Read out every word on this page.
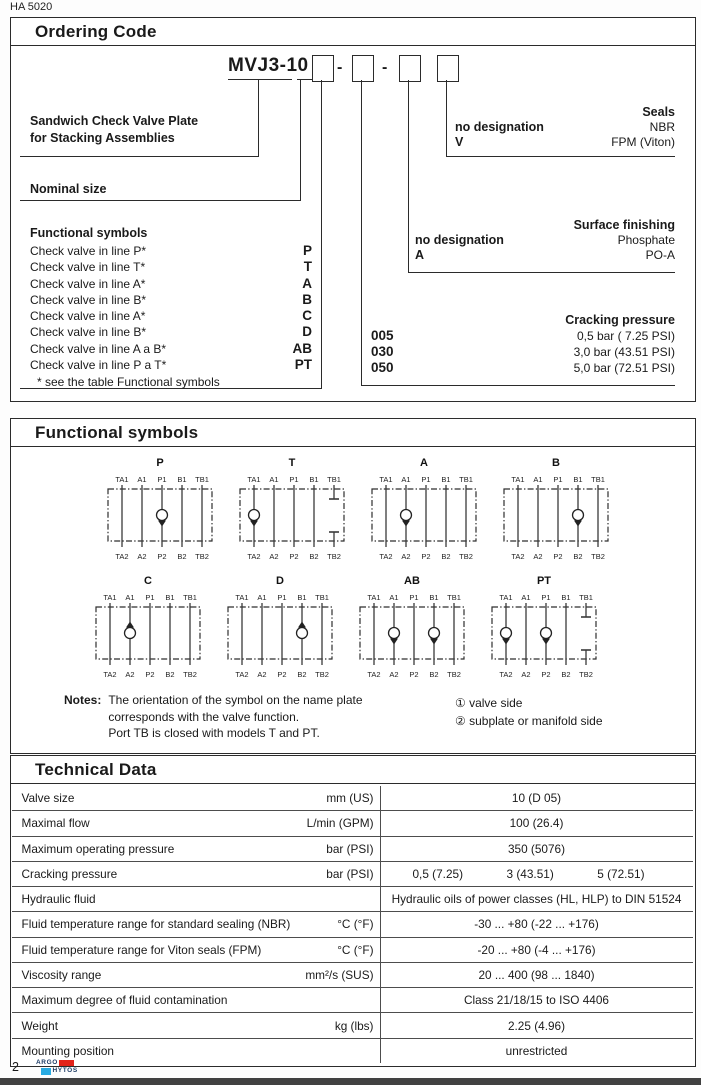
HA 5020
Ordering Code
Functional symbols
Technical Data
MVJ3-10 - -
Sandwich Check Valve Plate
for Stacking Assemblies
Nominal size
Functional symbols
Check valve in line P*	P
Check valve in line T*	T
Check valve in line A*	A
Check valve in line B*	B
Check valve in line A*	C
Check valve in line B*	D
Check valve in line A a B*	AB
Check valve in line P a T*	PT
* see the table Functional symbols
Seals
no designation	NBR
V	FPM (Viton)
Surface finishing
no designation	Phosphate
A	PO-A
Cracking pressure
005	0,5 bar ( 7.25 PSI)
030	3,0 bar (43.51 PSI)
050	5,0 bar (72.51 PSI)
P
TA1 A1 P1 B1 TB1
TA2 A2 P2 B2 TB2
T
TA1 A1 P1 B1 TB1
TA2 A2 P2 B2 TB2
A
TA1 A1 P1 B1 TB1
TA2 A2 P2 B2 TB2
B
TA1 A1 P1 B1 TB1
TA2 A2 P2 B2 TB2
C
TA1 A1 P1 B1 TB1
TA2 A2 P2 B2 TB2
D
TA1 A1 P1 B1 TB1
TA2 A2 P2 B2 TB2
AB
TA1 A1 P1 B1 TB1
TA2 A2 P2 B2 TB2
PT
TA1 A1 P1 B1 TB1
TA2 A2 P2 B2 TB2
Notes: The orientation of the symbol on the name plate
corresponds with the valve function.
Port TB is closed with models T and PT.
① valve side
② subplate or manifold side
Valve size	mm (US)	10 (D 05)
Maximal flow	L/min (GPM)	100 (26.4)
Maximum operating pressure	bar (PSI)	350 (5076)
Cracking pressure	bar (PSI)	0,5 (7.25)	3 (43.51)	5 (72.51)
Hydraulic fluid	Hydraulic oils of power classes (HL, HLP) to DIN 51524
Fluid temperature range for standard sealing (NBR)	°C (°F)	-30 ... +80 (-22 ... +176)
Fluid temperature range for Viton seals (FPM)	°C (°F)	-20 ... +80 (-4 ... +176)
Viscosity range	mm²/s (SUS)	20 ... 400 (98 ... 1840)
Maximum degree of fluid contamination	Class 21/18/15 to ISO 4406
Weight	kg (lbs)	2.25 (4.96)
Mounting position	unrestricted
2	ARGO
HYTOS
